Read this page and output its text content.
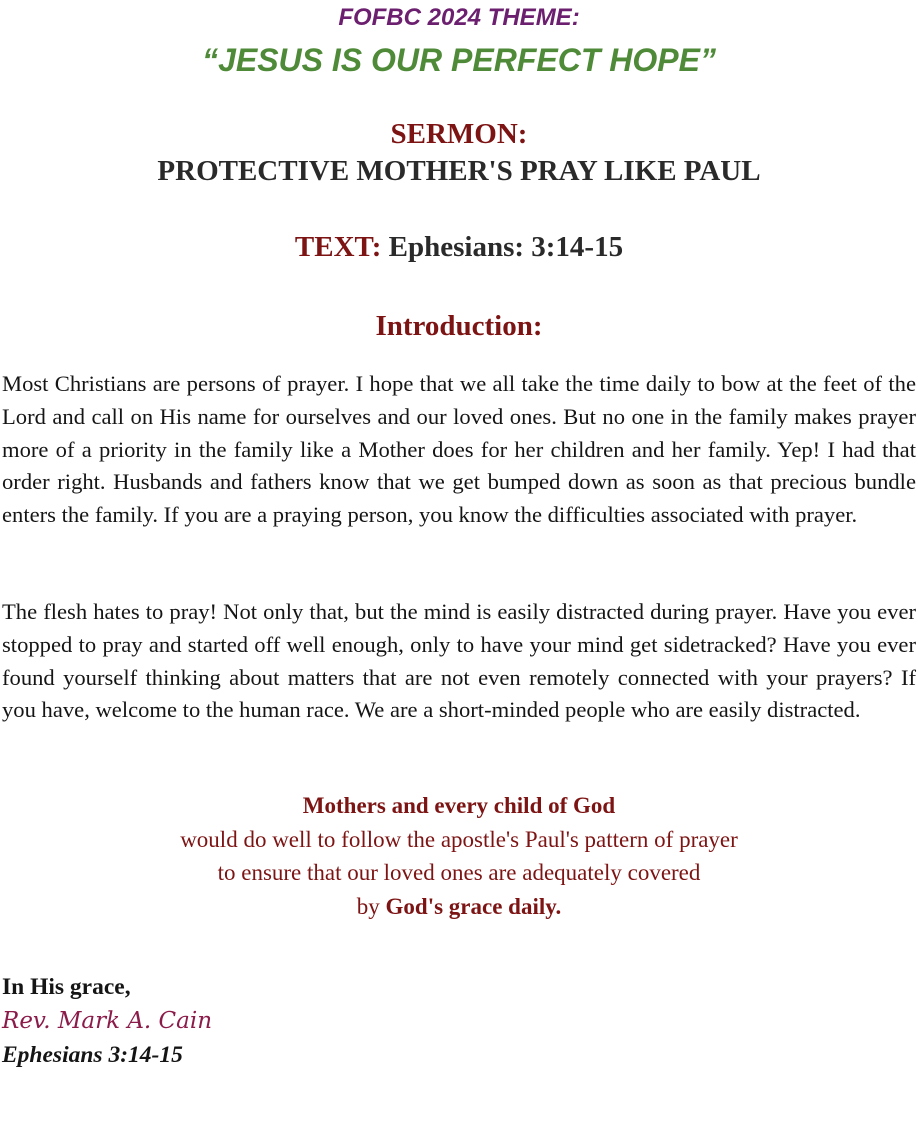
FOFBC 2024 THEME:

“JESUS IS OUR PERFECT HOPE”

SERMON:
PROTECTIVE MOTHER'S PRAY LIKE PAUL
TEXT: Ephesians: 3:14-15
Introduction:

Most Christians are persons of prayer. I hope that we all take the time daily to bow at the feet of the Lord and call on His name for ourselves and our loved ones. But no one in the family makes prayer more of a priority in the family like a Mother does for her children and her family. Yep! I had that order right. Husbands and fathers know that we get bumped down as soon as that precious bundle enters the family. If you are a praying person, you know the difficulties associated with prayer.

The flesh hates to pray! Not only that, but the mind is easily distracted during prayer. Have you ever stopped to pray and started off well enough, only to have your mind get sidetracked? Have you ever found yourself thinking about matters that are not even remotely connected with your prayers? If you have, welcome to the human race. We are a short-minded people who are easily distracted.

Mothers and every child of God
would do well to follow the apostle's Paul's pattern of prayer
to ensure that our loved ones are adequately covered
by God's grace daily.
In His grace,
Rev. Mark A. Cain
Ephesians 3:14-15
